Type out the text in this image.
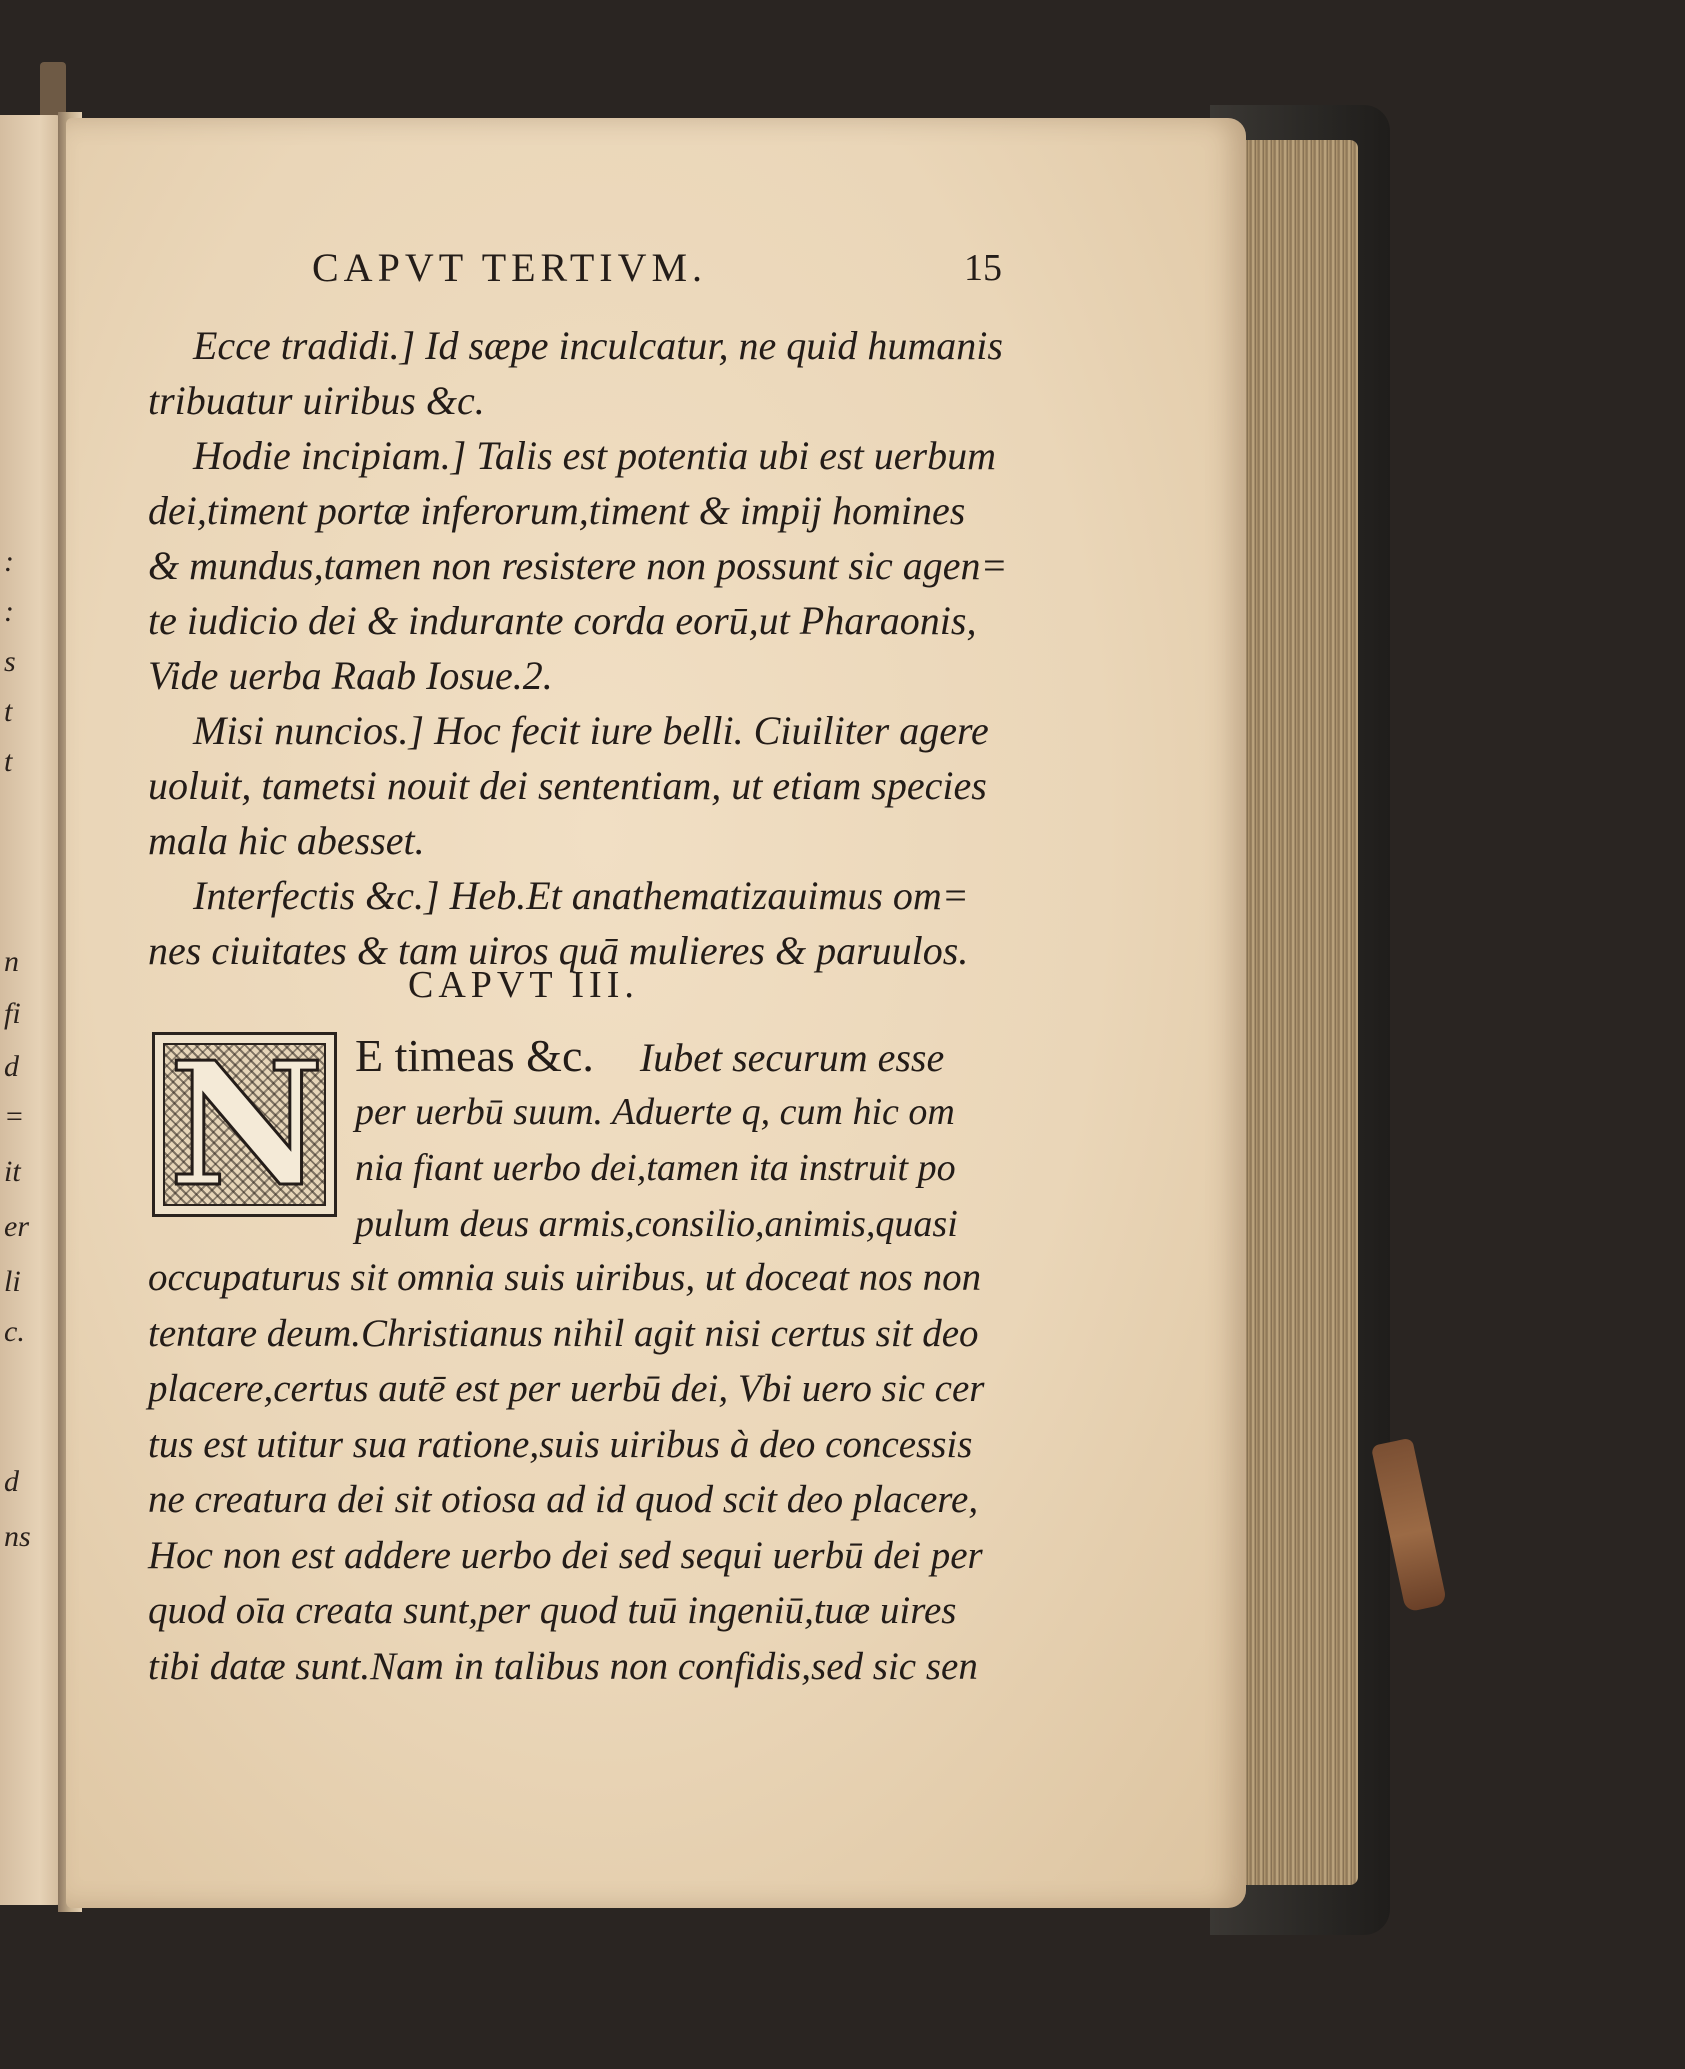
:
:
s
t
t
n
fi
d
=
it
er
li
c.
d
ns
CAPVT TERTIVM.	15
Ecce tradidi.] Id sæpe inculcatur, ne quid humanis
tribuatur uiribus &c.
Hodie incipiam.] Talis est potentia ubi est uerbum
dei,timent portæ inferorum,timent & impij homines
& mundus,tamen non resistere non possunt sic agen=
te iudicio dei & indurante corda eorū,ut Pharaonis,
Vide uerba Raab Iosue.2.
Misi nuncios.] Hoc fecit iure belli. Ciuiliter agere
uoluit, tametsi nouit dei sententiam, ut etiam species
mala hic abesset.
Interfectis &c.] Heb.Et anathematizauimus om=
nes ciuitates & tam uiros quā mulieres & paruulos.
CAPVT III.
N E timeas &c. Iubet securum esse
per uerbū suum. Aduerte q, cum hic om
nia fiant uerbo dei,tamen ita instruit po
pulum deus armis,consilio,animis,quasi
occupaturus sit omnia suis uiribus, ut doceat nos non
tentare deum.Christianus nihil agit nisi certus sit deo
placere,certus autē est per uerbū dei, Vbi uero sic cer
tus est utitur sua ratione,suis uiribus à deo concessis
ne creatura dei sit otiosa ad id quod scit deo placere,
Hoc non est addere uerbo dei sed sequi uerbū dei per
quod oīa creata sunt,per quod tuū ingeniū,tuæ uires
tibi datæ sunt.Nam in talibus non confidis,sed sic sen
